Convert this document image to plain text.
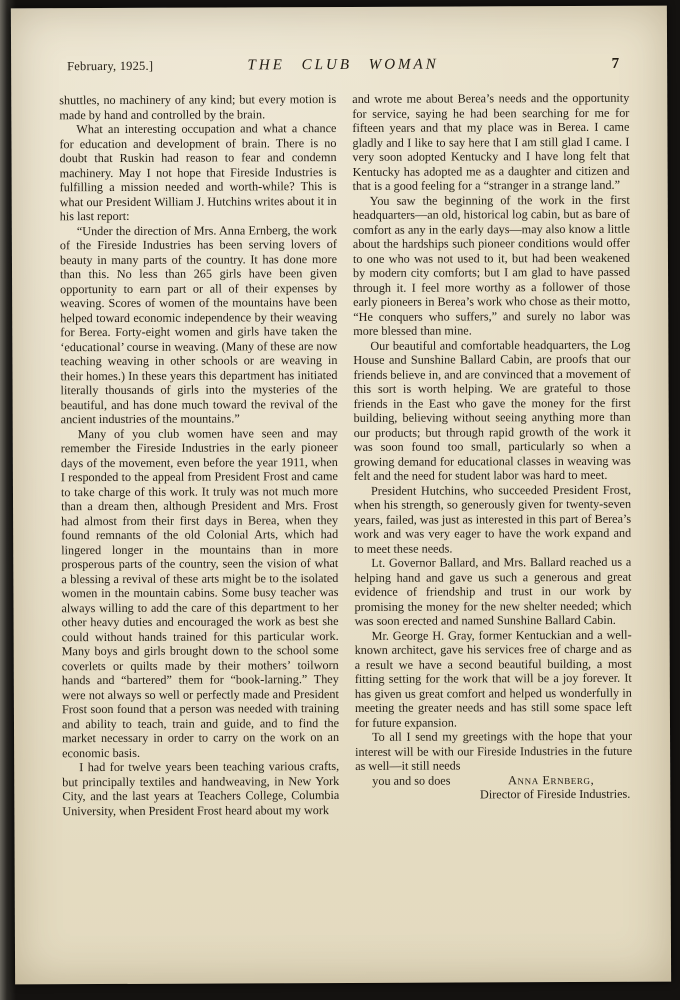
February, 1925.]	THE CLUB WOMAN	7

shuttles, no machinery of any kind; but every motion is made by hand and controlled by the brain.

What an interesting occupation and what a chance for education and development of brain. There is no doubt that Ruskin had reason to fear and condemn machinery. May I not hope that Fireside Industries is fulfilling a mission needed and worth-while? This is what our President William J. Hutchins writes about it in his last report:

“Under the direction of Mrs. Anna Ernberg, the work of the Fireside Industries has been serving lovers of beauty in many parts of the country. It has done more than this. No less than 265 girls have been given opportunity to earn part or all of their expenses by weaving. Scores of women of the mountains have been helped toward economic independence by their weaving for Berea. Forty-eight women and girls have taken the ‘educational’ course in weaving. (Many of these are now teaching weaving in other schools or are weaving in their homes.) In these years this department has initiated literally thousands of girls into the mysteries of the beautiful, and has done much toward the revival of the ancient industries of the mountains.”

Many of you club women have seen and may remember the Fireside Industries in the early pioneer days of the movement, even before the year 1911, when I responded to the appeal from President Frost and came to take charge of this work. It truly was not much more than a dream then, although President and Mrs. Frost had almost from their first days in Berea, when they found remnants of the old Colonial Arts, which had lingered longer in the mountains than in more prosperous parts of the country, seen the vision of what a blessing a revival of these arts might be to the isolated women in the mountain cabins. Some busy teacher was always willing to add the care of this department to her other heavy duties and encouraged the work as best she could without hands trained for this particular work. Many boys and girls brought down to the school some coverlets or quilts made by their mothers’ toilworn hands and “bartered” them for “book-larning.” They were not always so well or perfectly made and President Frost soon found that a person was needed with training and ability to teach, train and guide, and to find the market necessary in order to carry on the work on an economic basis.

I had for twelve years been teaching various crafts, but principally textiles and handweaving, in New York City, and the last years at Teachers College, Columbia University, when President Frost heard about my work

and wrote me about Berea’s needs and the opportunity for service, saying he had been searching for me for fifteen years and that my place was in Berea. I came gladly and I like to say here that I am still glad I came. I very soon adopted Kentucky and I have long felt that Kentucky has adopted me as a daughter and citizen and that is a good feeling for a “stranger in a strange land.”

You saw the beginning of the work in the first headquarters—an old, historical log cabin, but as bare of comfort as any in the early days—may also know a little about the hardships such pioneer conditions would offer to one who was not used to it, but had been weakened by modern city comforts; but I am glad to have passed through it. I feel more worthy as a follower of those early pioneers in Berea’s work who chose as their motto, “He conquers who suffers,” and surely no labor was more blessed than mine.

Our beautiful and comfortable headquarters, the Log House and Sunshine Ballard Cabin, are proofs that our friends believe in, and are convinced that a movement of this sort is worth helping. We are grateful to those friends in the East who gave the money for the first building, believing without seeing anything more than our products; but through rapid growth of the work it was soon found too small, particularly so when a growing demand for educational classes in weaving was felt and the need for student labor was hard to meet.

President Hutchins, who succeeded President Frost, when his strength, so generously given for twenty-seven years, failed, was just as interested in this part of Berea’s work and was very eager to have the work expand and to meet these needs.

Lt. Governor Ballard, and Mrs. Ballard reached us a helping hand and gave us such a generous and great evidence of friendship and trust in our work by promising the money for the new shelter needed; which was soon erected and named Sunshine Ballard Cabin.

Mr. George H. Gray, former Kentuckian and a well-known architect, gave his services free of charge and as a result we have a second beautiful building, a most fitting setting for the work that will be a joy forever. It has given us great comfort and helped us wonderfully in meeting the greater needs and has still some space left for future expansion.

To all I send my greetings with the hope that your interest will be with our Fireside Industries in the future as well—it still needs

you and so does	Anna Ernberg,
Director of Fireside Industries.
